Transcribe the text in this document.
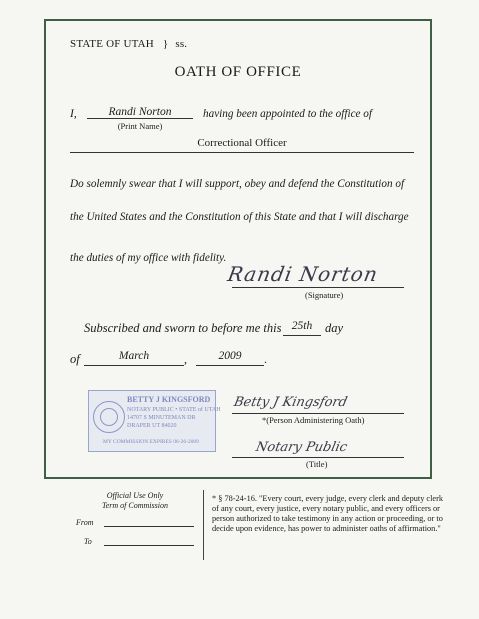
STATE OF UTAH } ss.
OATH OF OFFICE
I,	Randi Norton
(Print Name)
having been appointed to the office of
Correctional Officer
Do solemnly swear that I will support, obey and defend the Constitution of
the United States and the Constitution of this State and that I will discharge
the duties of my office with fidelity.
Randi Norton
(Signature)
Subscribed and sworn to before me this 25th	day
of	March	,	2009	.
BETTY J KINGSFORD
NOTARY PUBLIC • STATE of UTAH
14707 S MINUTEMAN DR
DRAPER UT 84020
MY COMMISSION EXPIRES 06-26-2009
Betty J Kingsford
*(Person Administering Oath)
Notary Public
(Title)
Official Use Only
Term of Commission
From
To
* § 78-24-16. "Every court, every judge, every clerk and deputy clerk of any court, every justice, every notary public, and every officers or person authorized to take testimony in any action or proceeding, or to decide upon evidence, has power to administer oaths of affirmation."
